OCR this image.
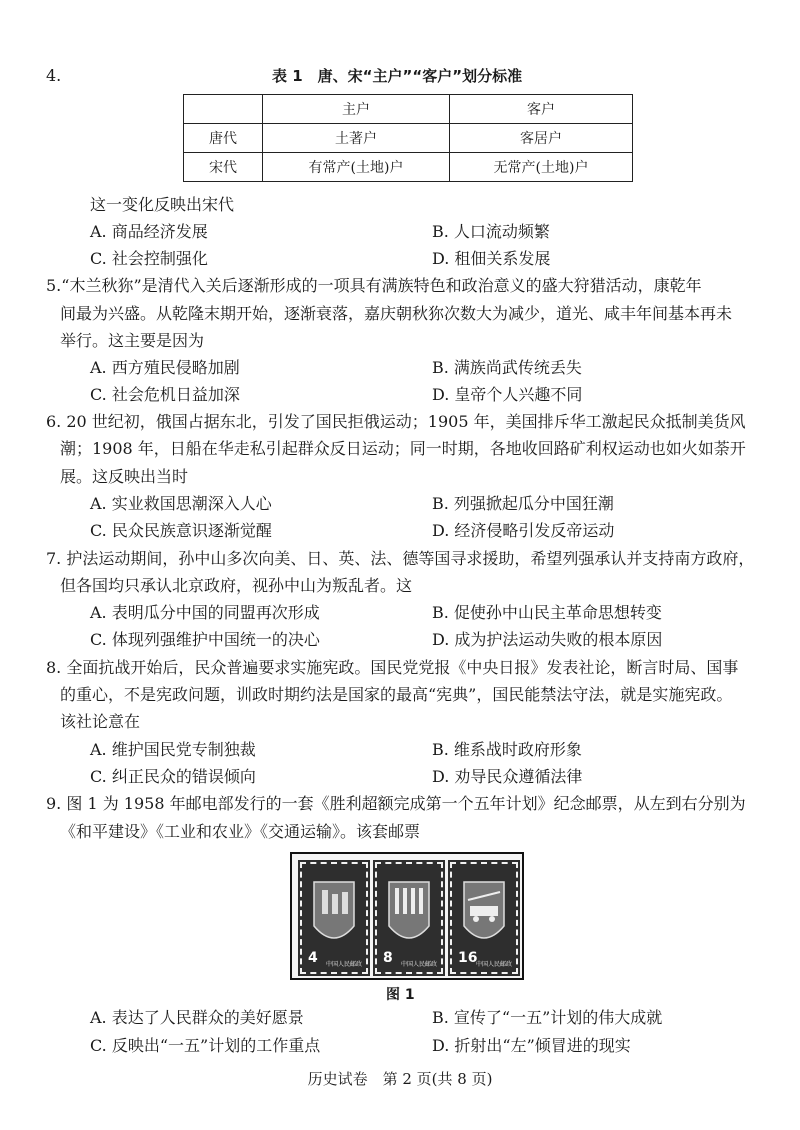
4.	表 1　唐、宋“主户”“客户”划分标准
	主户	客户
唐代	土著户	客居户
宋代	有常产(土地)户	无常产(土地)户
这一变化反映出宋代
A. 商品经济发展	B. 人口流动频繁
C. 社会控制强化	D. 租佃关系发展
5.“木兰秋狝”是清代入关后逐渐形成的一项具有满族特色和政治意义的盛大狩猎活动，康乾年
间最为兴盛。从乾隆末期开始，逐渐衰落，嘉庆朝秋狝次数大为减少，道光、咸丰年间基本再未
举行。这主要是因为
A. 西方殖民侵略加剧	B. 满族尚武传统丢失
C. 社会危机日益加深	D. 皇帝个人兴趣不同
6. 20 世纪初，俄国占据东北，引发了国民拒俄运动；1905 年，美国排斥华工激起民众抵制美货风
潮；1908 年，日船在华走私引起群众反日运动；同一时期，各地收回路矿利权运动也如火如荼开
展。这反映出当时
A. 实业救国思潮深入人心	B. 列强掀起瓜分中国狂潮
C. 民众民族意识逐渐觉醒	D. 经济侵略引发反帝运动
7. 护法运动期间，孙中山多次向美、日、英、法、德等国寻求援助，希望列强承认并支持南方政府，
但各国均只承认北京政府，视孙中山为叛乱者。这
A. 表明瓜分中国的同盟再次形成	B. 促使孙中山民主革命思想转变
C. 体现列强维护中国统一的决心	D. 成为护法运动失败的根本原因
8. 全面抗战开始后，民众普遍要求实施宪政。国民党党报《中央日报》发表社论，断言时局、国事
的重心，不是宪政问题，训政时期约法是国家的最高“宪典”，国民能禁法守法，就是实施宪政。
该社论意在
A. 维护国民党专制独裁	B. 维系战时政府形象
C. 纠正民众的错误倾向	D. 劝导民众遵循法律
9. 图 1 为 1958 年邮电部发行的一套《胜利超额完成第一个五年计划》纪念邮票，从左到右分别为
《和平建设》《工业和农业》《交通运输》。该套邮票
4 中国人民邮政 8 中国人民邮政 16
中国人民邮政
图 1
A. 表达了人民群众的美好愿景	B. 宣传了“一五”计划的伟大成就
C. 反映出“一五”计划的工作重点	D. 折射出“左”倾冒进的现实
历史试卷　第 2 页(共 8 页)
